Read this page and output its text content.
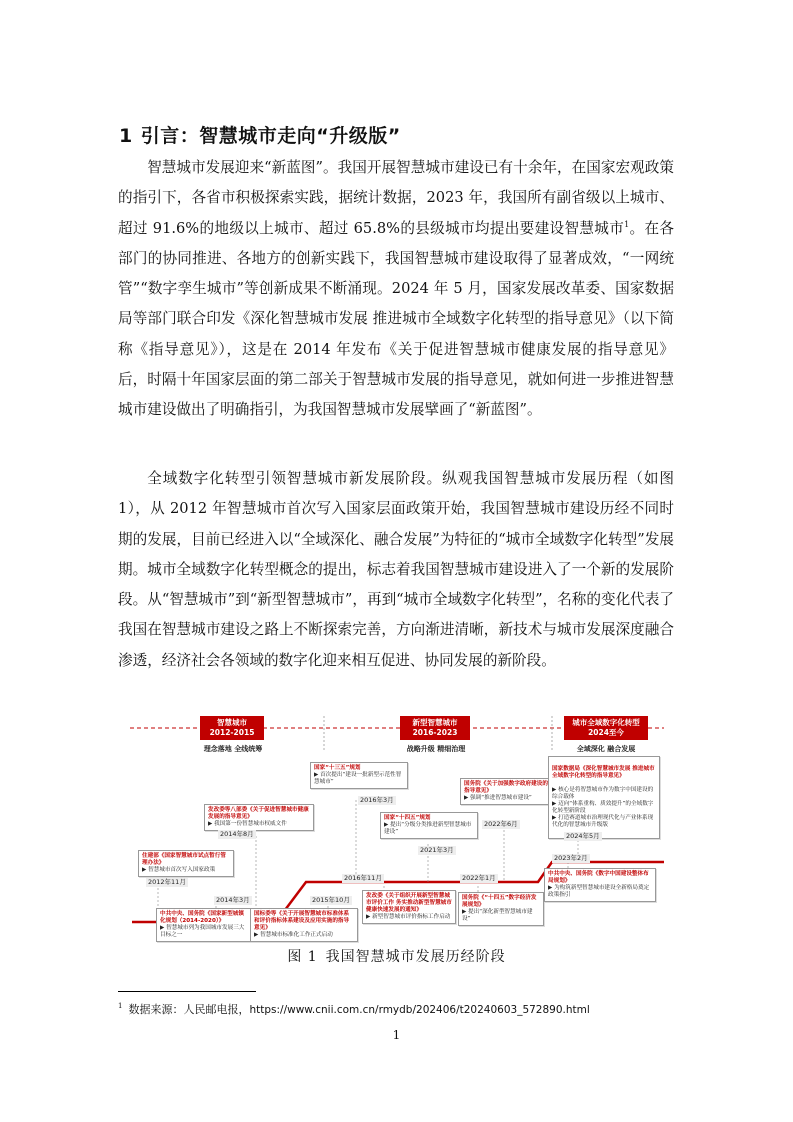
1 引言：智慧城市走向“升级版”

智慧城市发展迎来“新蓝图”。我国开展智慧城市建设已有十余年，在国家宏观政策的指引下，各省市积极探索实践，据统计数据，2023 年，我国所有副省级以上城市、超过 91.6%的地级以上城市、超过 65.8%的县级城市均提出要建设智慧城市$^1$。在各部门的协同推进、各地方的创新实践下，我国智慧城市建设取得了显著成效，“一网统管”“数字孪生城市”等创新成果不断涌现。2024 年 5 月，国家发展改革委、国家数据局等部门联合印发《深化智慧城市发展 推进城市全域数字化转型的指导意见》（以下简称《指导意见》），这是在 2014 年发布《关于促进智慧城市健康发展的指导意见》后，时隔十年国家层面的第二部关于智慧城市发展的指导意见，就如何进一步推进智慧城市建设做出了明确指引，为我国智慧城市发展擘画了“新蓝图”。

全域数字化转型引领智慧城市新发展阶段。纵观我国智慧城市发展历程（如图 1），从 2012 年智慧城市首次写入国家层面政策开始，我国智慧城市建设历经不同时期的发展，目前已经进入以“全域深化、融合发展”为特征的“城市全域数字化转型”发展期。城市全域数字化转型概念的提出，标志着我国智慧城市建设进入了一个新的发展阶段。从“智慧城市”到“新型智慧城市”，再到“城市全域数字化转型”，名称的变化代表了我国在智慧城市建设之路上不断探索完善，方向渐进清晰，新技术与城市发展深度融合渗透，经济社会各领域的数字化迎来相互促进、协同发展的新阶段。

智慧城市
2012-2015
理念落地 全线统筹
新型智慧城市
2016-2023
战略升级 精细治理
城市全域数字化转型
2024至今
全域深化 融合发展
住建部《国家智慧城市试点暂行管理办法》
▶ 智慧城市首次写入国家政策
发改委等八部委《关于促进智慧城市健康发展的指导意见》
▶ 我国第一份智慧城市权威文件
中共中央、国务院《国家新型城镇化规划（2014-2020）》
▶ 智慧城市列为我国城市发展三大目标之一
国标委等《关于开展智慧城市标准体系和评价指标体系建设及应用实施的指导意见》
▶ 智慧城市标准化工作正式启动
国家“十三五”规划
▶ 首次提出“建设一批新型示范性智慧城市”
国家“十四五”规划
▶ 提出“分级分类推进新型智慧城市建设”
发改委《关于组织开展新型智慧城市评价工作 务实推动新型智慧城市健康快速发展的通知》
▶ 新型智慧城市评价指标工作启动
国务院《关于加强数字政府建设的指导意见》
▶ 强调“推进智慧城市建设”
国务院《“十四五”数字经济发展规划》
▶ 提出“深化新型智慧城市建设”
中共中央、国务院《数字中国建设整体布局规划》
▶ 为构筑新型智慧城市建设全新格局奠定政策指引

国家数据局《深化智慧城市发展 推进城市全域数字化转型的指导意见》

▶ 核心是将智慧城市作为数字中国建设的综合载体
▶ 迈向“体系重构、质效提升”的全域数字化转型新阶段
▶ 打造赛道城市治理现代化与产业体系现代化的智慧城市升级版

2012年11月
2014年8月
2014年3月	2015年10月
2016年3月
2016年11月
2021年3月
2022年6月
2022年1月
2023年2月
2024年5月
图 1 我国智慧城市发展历经阶段
$^1$ 数据来源：人民邮电报，https://www.cnii.com.cn/rmydb/202406/t20240603_572890.html
1
